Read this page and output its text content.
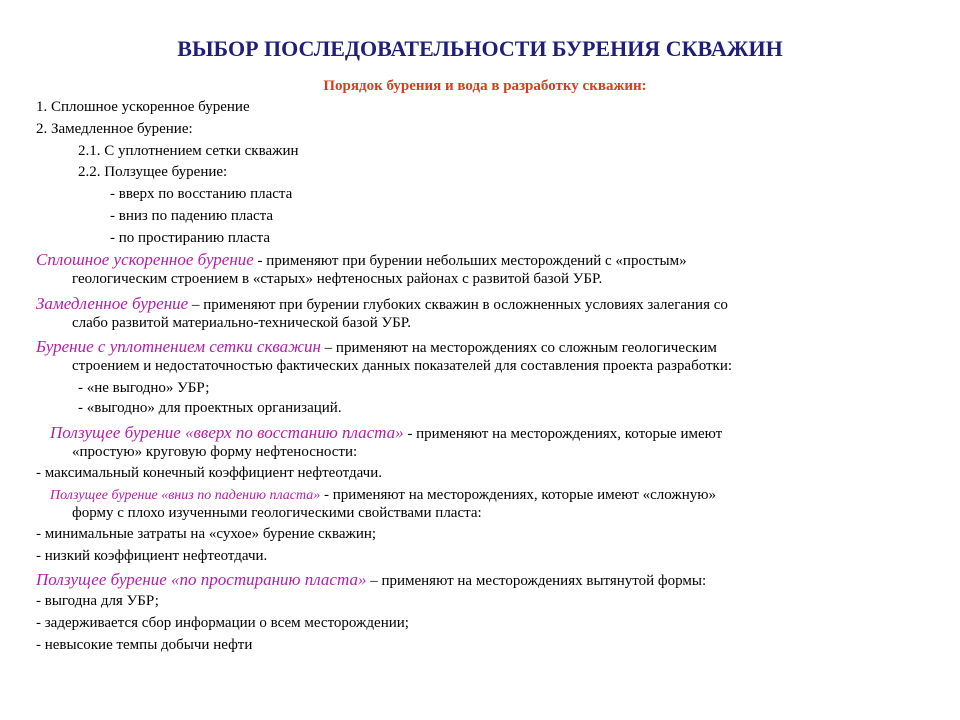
ВЫБОР ПОСЛЕДОВАТЕЛЬНОСТИ БУРЕНИЯ СКВАЖИН
Порядок бурения и вода в разработку скважин:
1. Сплошное ускоренное бурение
2. Замедленное бурение:
2.1. С уплотнением сетки скважин
2.2. Ползущее бурение:
- вверх по восстанию пласта
- вниз по падению пласта
- по простиранию пласта
Сплошное ускоренное бурение - применяют при бурении небольших месторождений с «простым»
геологическим строением в «старых» нефтеносных районах с развитой базой УБР.
Замедленное бурение – применяют при бурении глубоких скважин в осложненных условиях залегания со
слабо развитой материально-технической базой УБР.
Бурение с уплотнением сетки скважин – применяют на месторождениях со сложным геологическим
строением и недостаточностью фактических данных показателей для составления проекта разработки:
- «не выгодно» УБР;
- «выгодно» для проектных организаций.
Ползущее бурение «вверх по восстанию пласта» - применяют на месторождениях, которые имеют
«простую» круговую форму нефтеносности:
- максимальный конечный коэффициент нефтеотдачи.
Ползущее бурение «вниз по падению пласта» - применяют на месторождениях, которые имеют «сложную»
форму с плохо изученными геологическими свойствами пласта:
- минимальные затраты на «сухое» бурение скважин;
- низкий коэффициент нефтеотдачи.
Ползущее бурение «по простиранию пласта» – применяют на месторождениях вытянутой формы:
- выгодна для УБР;
- задерживается сбор информации о всем месторождении;
- невысокие темпы добычи нефти
